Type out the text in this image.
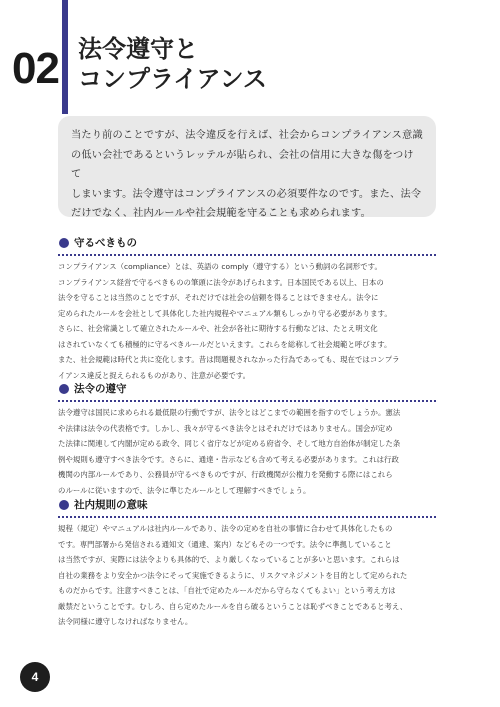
02 法令遵守と
コンプライアンス

当たり前のことですが、法令違反を行えば、社会からコンプライアンス意識

の低い会社であるというレッテルが貼られ、会社の信用に大きな傷をつけて

しまいます。法令遵守はコンプライアンスの必須要件なのです。また、法令

だけでなく、社内ルールや社会規範を守ることも求められます。

守るべきもの

コンプライアンス（compliance）とは、英語の comply（遵守する）という動詞の名詞形です。

コンプライアンス経営で守るべきものの筆頭に法令があげられます。日本国民である以上、日本の

法令を守ることは当然のことですが、それだけでは社会の信頼を得ることはできません。法令に

定められたルールを会社として具体化した社内規程やマニュアル類もしっかり守る必要があります。

さらに、社会常識として確立されたルールや、社会が各社に期待する行動などは、たとえ明文化

はされていなくても積極的に守るべきルールだといえます。これらを総称して社会規範と呼びます。

また、社会規範は時代と共に変化します。昔は問題視されなかった行為であっても、現在ではコンプラ

イアンス違反と捉えられるものがあり、注意が必要です。

法令の遵守

法令遵守は国民に求められる最低限の行動ですが、法令とはどこまでの範囲を指すのでしょうか。憲法

や法律は法令の代表格です。しかし、我々が守るべき法令とはそれだけではありません。国会が定め

た法律に関連して内閣が定める政令、同じく省庁などが定める府省令、そして地方自治体が制定した条

例や規則も遵守すべき法令です。さらに、通達・告示なども含めて考える必要があります。これは行政

機関の内部ルールであり、公務員が守るべきものですが、行政機関が公権力を発動する際にはこれら

のルールに従いますので、法令に準じたルールとして理解すべきでしょう。

社内規則の意味

規程（規定）やマニュアルは社内ルールであり、法令の定めを自社の事情に合わせて具体化したもの

です。専門部署から発信される通知文（通達、案内）などもその一つです。法令に準拠していること

は当然ですが、実際には法令よりも具体的で、より厳しくなっていることが多いと思います。これらは

自社の業務をより安全かつ法令にそって実施できるように、リスクマネジメントを目的として定められた

ものだからです。注意すべきことは、「自社で定めたルールだから守らなくてもよい」という考え方は

厳禁だということです。むしろ、自ら定めたルールを自ら破るということは恥ずべきことであると考え、

法令同様に遵守しなければなりません。

4
